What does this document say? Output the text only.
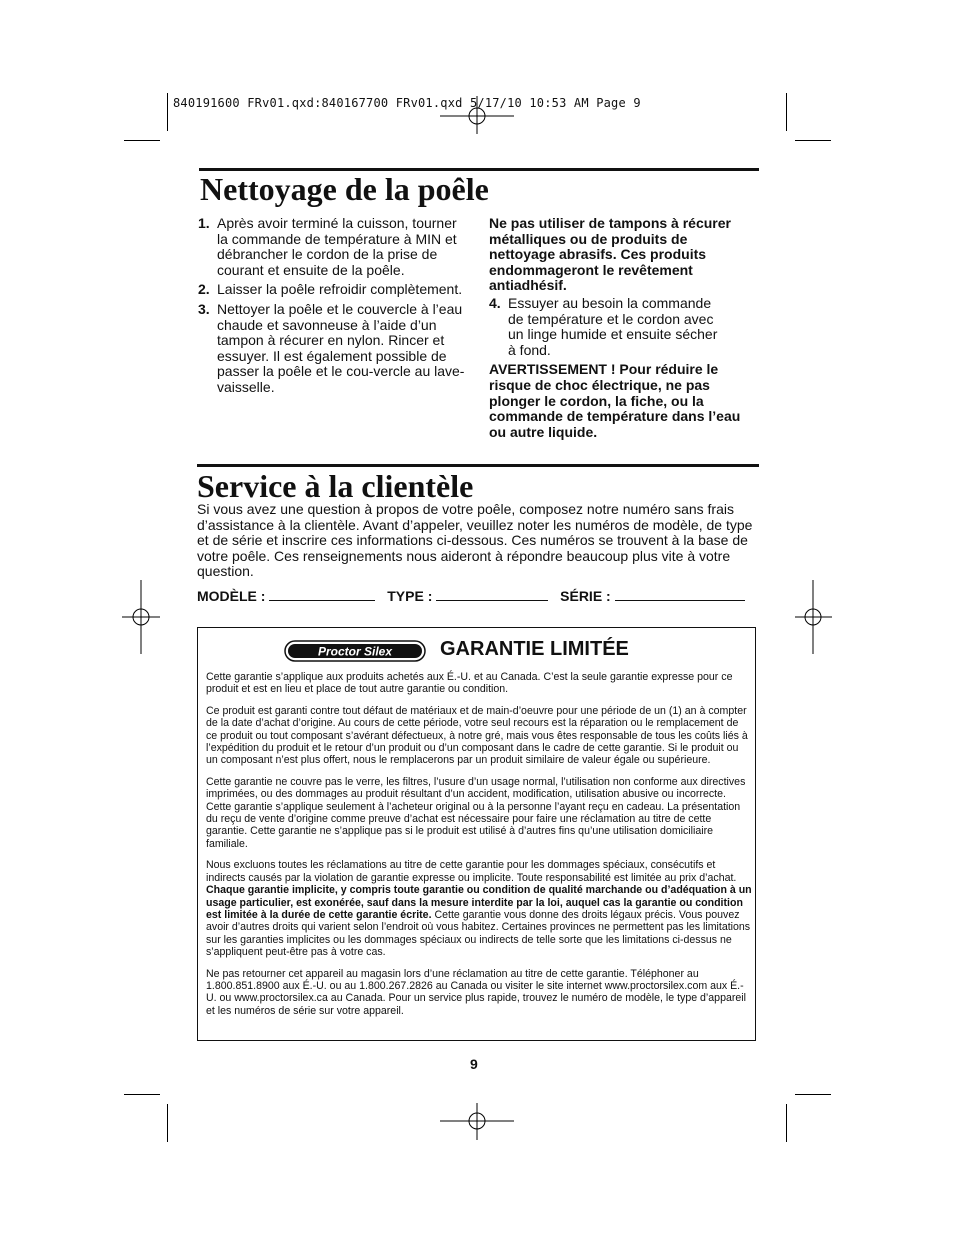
840191600 FRv01.qxd:840167700 FRv01.qxd 5/17/10 10:53 AM Page 9
Nettoyage de la poêle
1. Après avoir terminé la cuisson, tourner la commande de température à MIN et débrancher le cordon de la prise de courant et ensuite de la poêle.
2. Laisser la poêle refroidir complètement.
3. Nettoyer la poêle et le couvercle à l’eau chaude et savonneuse à l’aide d’un tampon à récurer en nylon. Rincer et essuyer. Il est également possible de passer la poêle et le cou-vercle au lave-vaisselle.

Ne pas utiliser de tampons à récurer métalliques ou de produits de nettoyage abrasifs. Ces produits endommageront le revêtement antiadhésif.

4. Essuyer au besoin la commande de température et le cordon avec un linge humide et ensuite sécher à fond.

AVERTISSEMENT ! Pour réduire le risque de choc électrique, ne pas plonger le cordon, la fiche, ou la commande de température dans l’eau ou autre liquide.

Service à la clientèle

Si vous avez une question à propos de votre poêle, composez notre numéro sans frais d’assistance à la clientèle. Avant d’appeler, veuillez noter les numéros de modèle, de type et de série et inscrire ces informations ci-dessous. Ces numéros se trouvent à la base de votre poêle. Ces renseignements nous aideront à répondre beaucoup plus vite à votre question.

MODÈLE :	TYPE :	SÉRIE :
Proctor Silex

Cette garantie s’applique aux produits achetés aux É.-U. et au Canada. C’est la seule garantie expresse pour ce produit et est en lieu et place de tout autre garantie ou condition.

Ce produit est garanti contre tout défaut de matériaux et de main-d’oeuvre pour une période de un (1) an à compter de la date d’achat d’origine. Au cours de cette période, votre seul recours est la réparation ou le remplacement de ce produit ou tout composant s’avérant défectueux, à notre gré, mais vous êtes responsable de tous les coûts liés à l’expédition du produit et le retour d’un produit ou d’un composant dans le cadre de cette garantie. Si le produit ou un composant n’est plus offert, nous le remplacerons par un produit similaire de valeur égale ou supérieure.

Cette garantie ne couvre pas le verre, les filtres, l’usure d’un usage normal, l’utilisation non conforme aux directives imprimées, ou des dommages au produit résultant d’un accident, modification, utilisation abusive ou incorrecte. Cette garantie s’applique seulement à l’acheteur original ou à la personne l’ayant reçu en cadeau. La présentation du reçu de vente d’origine comme preuve d’achat est nécessaire pour faire une réclamation au titre de cette garantie. Cette garantie ne s’applique pas si le produit est utilisé à d’autres fins qu’une utilisation domiciliaire familiale.

Nous excluons toutes les réclamations au titre de cette garantie pour les dommages spéciaux, consécutifs et indirects causés par la violation de garantie expresse ou implicite. Toute responsabilité est limitée au prix d’achat. Chaque garantie implicite, y compris toute garantie ou condition de qualité marchande ou d’adéquation à un usage particulier, est exonérée, sauf dans la mesure interdite par la loi, auquel cas la garantie ou condition est limitée à la durée de cette garantie écrite. Cette garantie vous donne des droits légaux précis. Vous pouvez avoir d’autres droits qui varient selon l’endroit où vous habitez. Certaines provinces ne permettent pas les limitations sur les garanties implicites ou les dommages spéciaux ou indirects de telle sorte que les limitations ci-dessus ne s’appliquent peut-être pas à votre cas.

Ne pas retourner cet appareil au magasin lors d’une réclamation au titre de cette garantie. Téléphoner au 1.800.851.8900 aux É.-U. ou au 1.800.267.2826 au Canada ou visiter le site internet www.proctorsilex.com aux É.-U. ou www.proctorsilex.ca au Canada. Pour un service plus rapide, trouvez le numéro de modèle, le type d’appareil et les numéros de série sur votre appareil.

GARANTIE LIMITÉE
9
